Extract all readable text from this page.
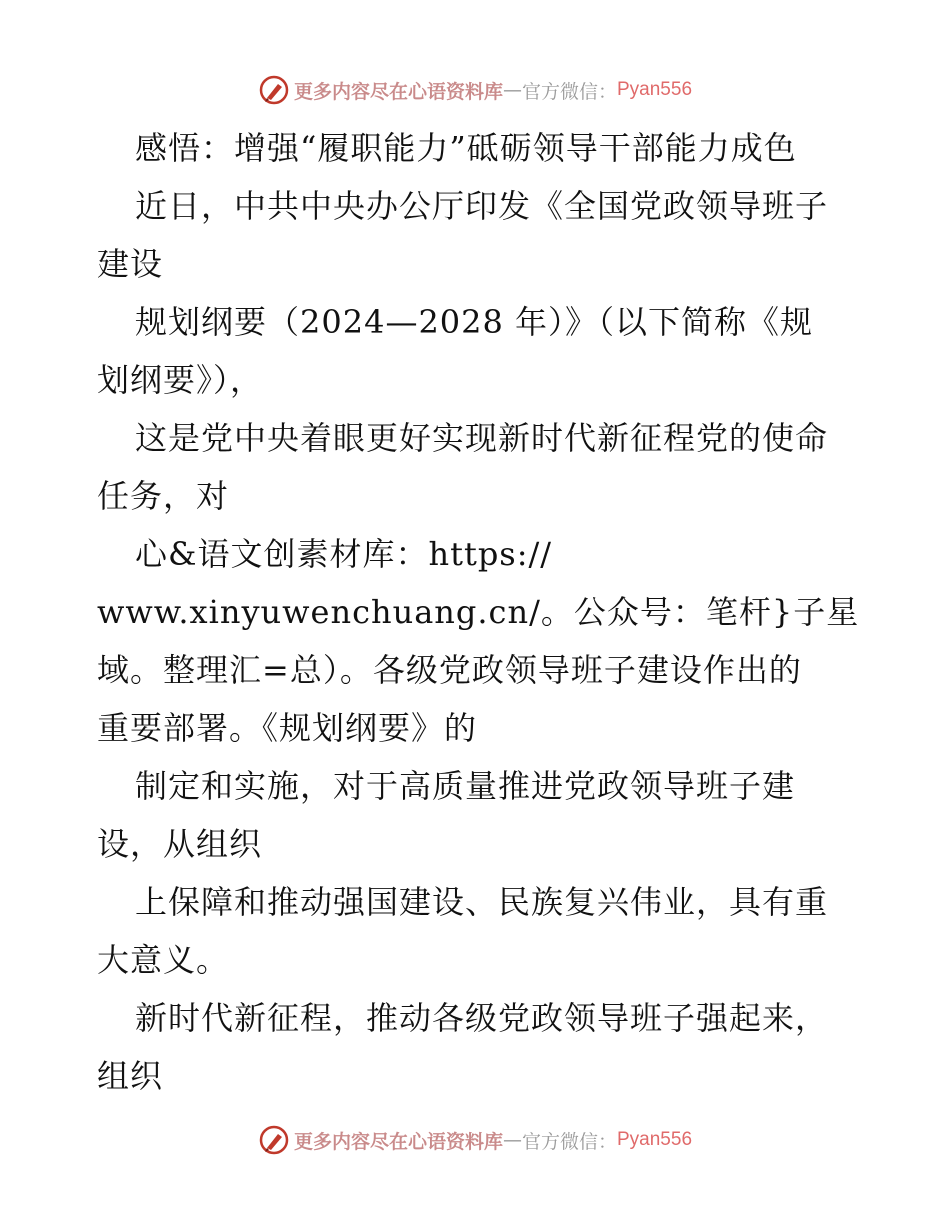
更多内容尽在心语资料库 — 官方微信： Pyan556
感悟：增强“履职能力”砥砺领导干部能力成色
近日，中共中央办公厅印发《全国党政领导班子
建设
规划纲要（2024—2028 年）》（以下简称《规
划纲要》），
这是党中央着眼更好实现新时代新征程党的使命
任务，对
心&语文创素材库：https://
www.xinyuwenchuang.cn/。公众号：笔杆}子星
域。整理汇=总）。各级党政领导班子建设作出的
重要部署。《规划纲要》的
制定和实施，对于高质量推进党政领导班子建
设，从组织
上保障和推动强国建设、民族复兴伟业，具有重
大意义。
新时代新征程，推动各级党政领导班子强起来，
组织
更多内容尽在心语资料库 — 官方微信： Pyan556
